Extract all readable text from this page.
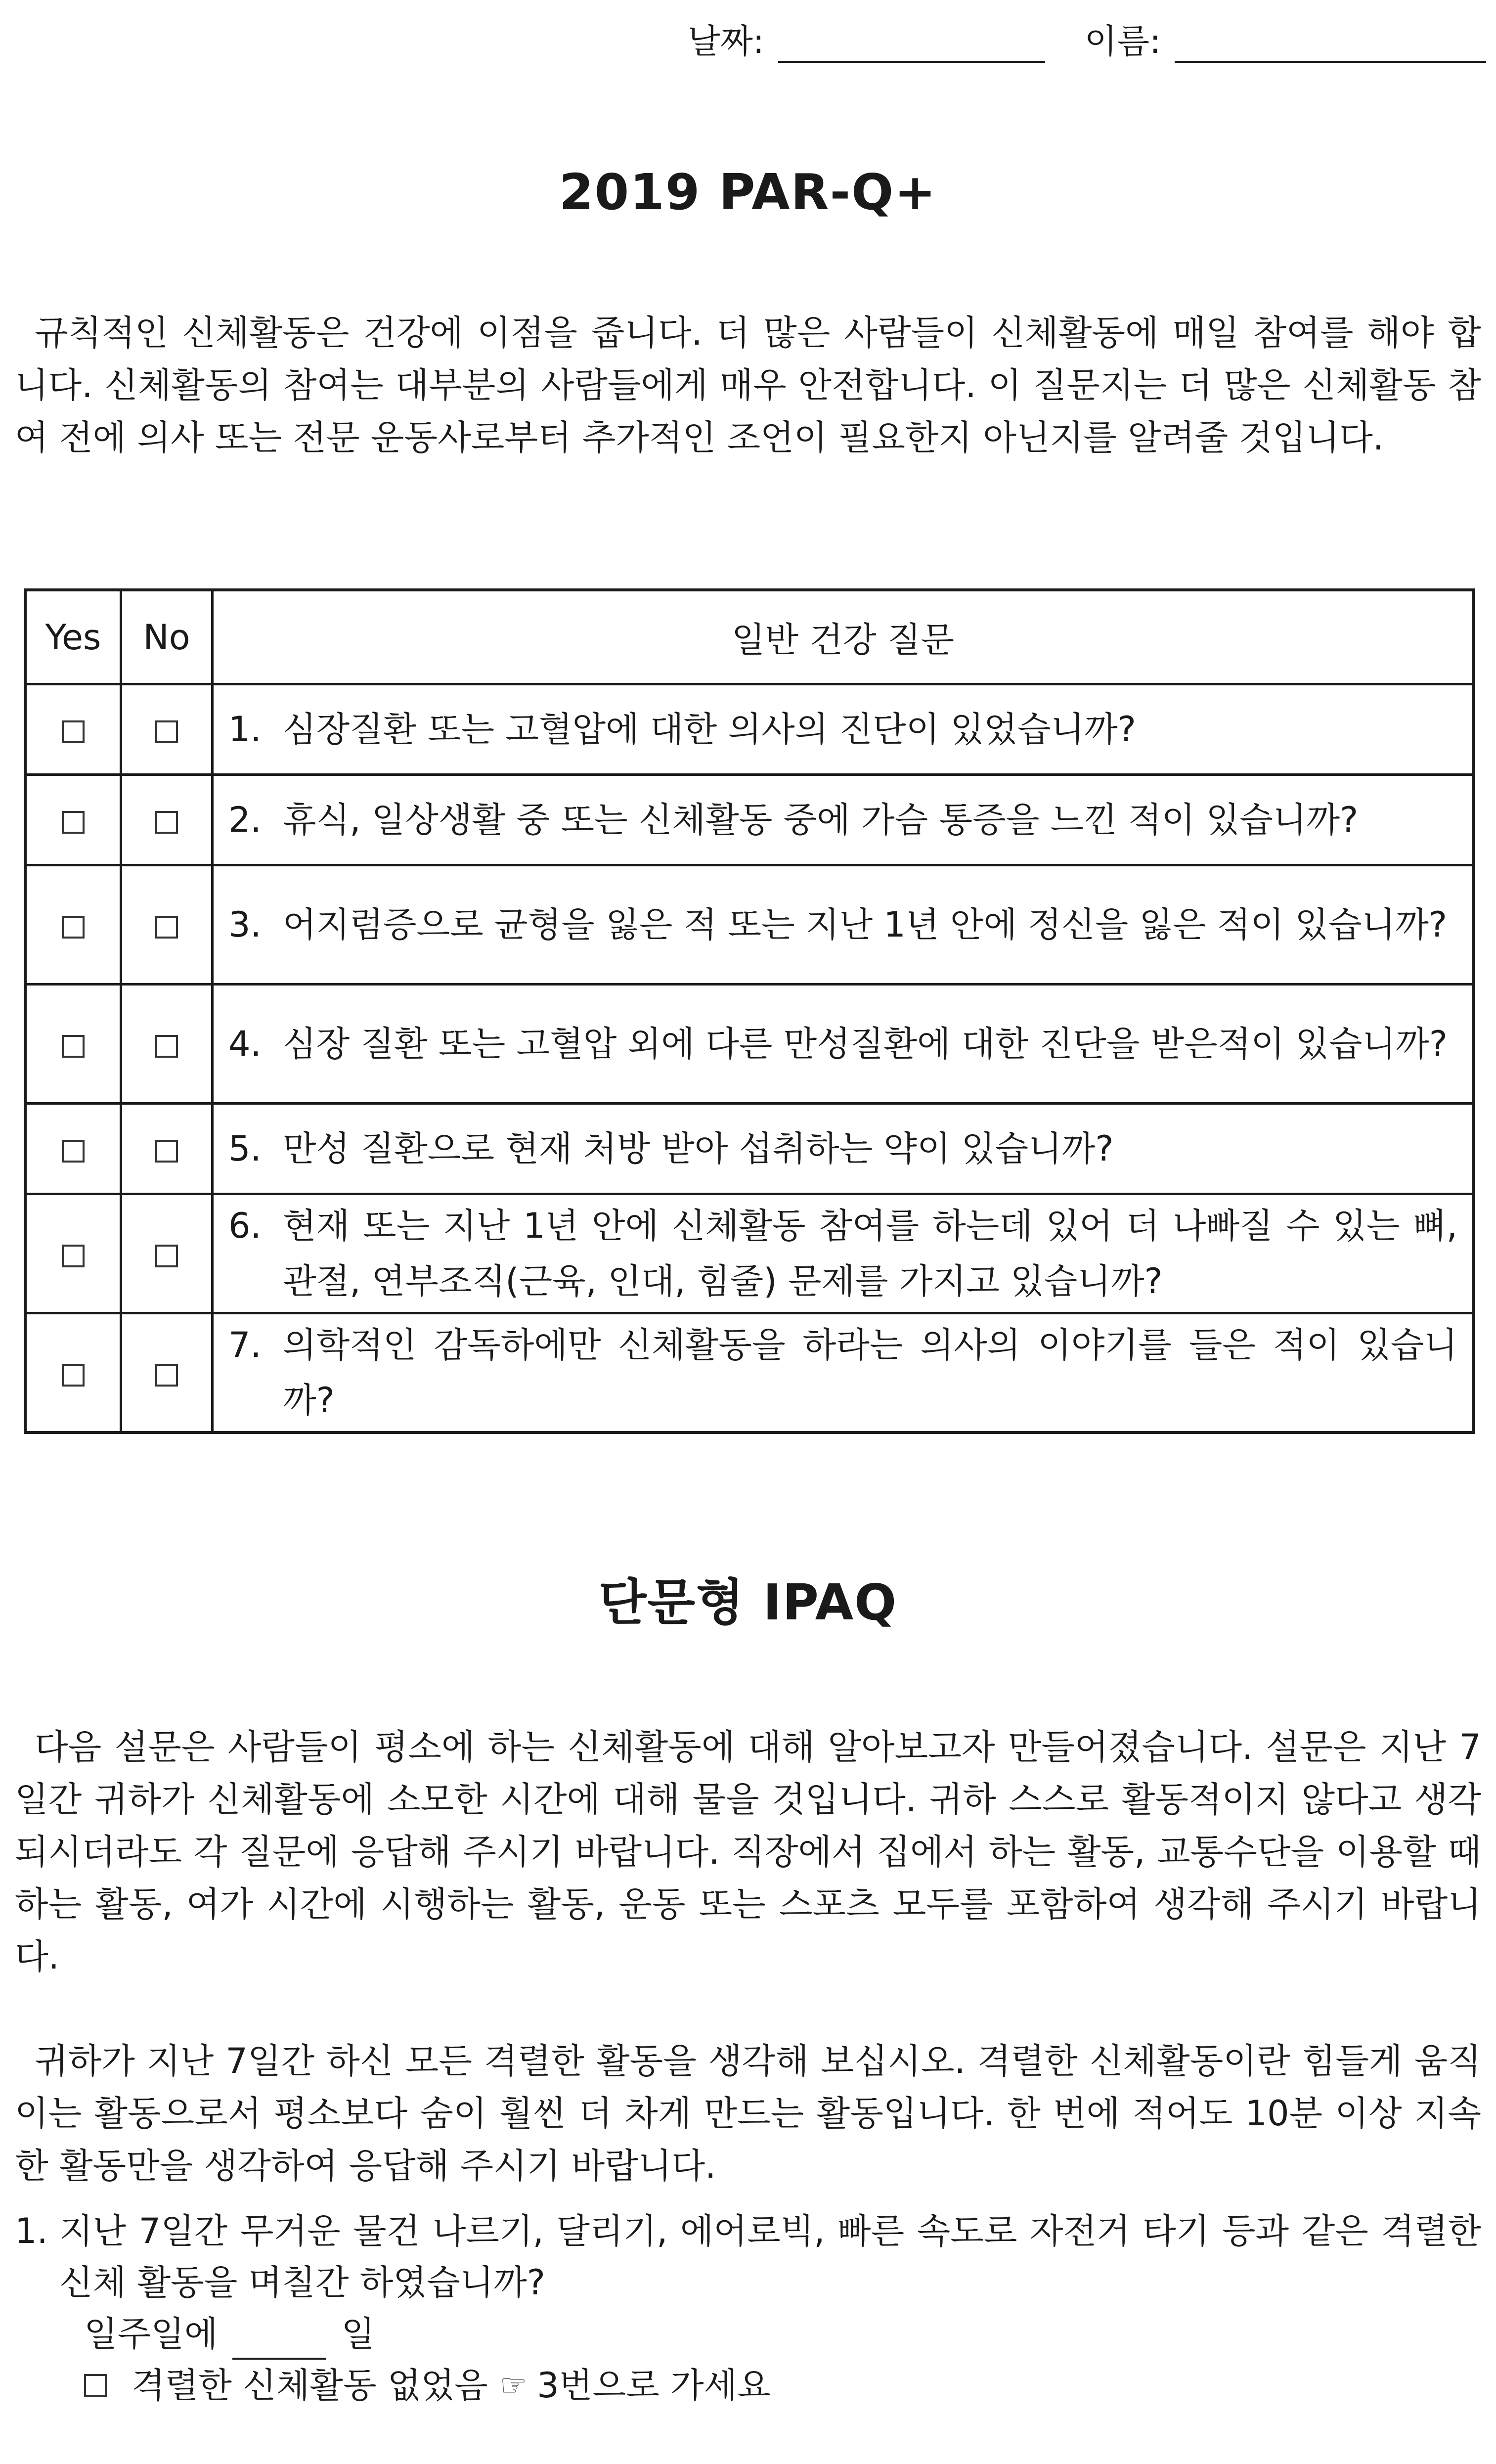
날짜:	이름:
2019 PAR-Q+

규칙적인 신체활동은 건강에 이점을 줍니다. 더 많은 사람들이 신체활동에 매일 참여를 해야 합니다. 신체활동의 참여는 대부분의 사람들에게 매우 안전합니다. 이 질문지는 더 많은 신체활동 참여 전에 의사 또는 전문 운동사로부터 추가적인 조언이 필요한지 아닌지를 알려줄 것입니다.

Yes	No	일반 건강 질문

		1. 심장질환 또는 고혈압에 대한 의사의 진단이 있었습니까?

		2. 휴식, 일상생활 중 또는 신체활동 중에 가슴 통증을 느낀 적이 있습니까?

		3. 어지럼증으로 균형을 잃은 적 또는 지난 1년 안에 정신을 잃은 적이 있습니까?

		4. 심장 질환 또는 고혈압 외에 다른 만성질환에 대한 진단을 받은적이 있습니까?

		5. 만성 질환으로 현재 처방 받아 섭취하는 약이 있습니까?

		6. 현재 또는 지난 1년 안에 신체활동 참여를 하는데 있어 더 나빠질 수 있는 뼈, 관절, 연부조직(근육, 인대, 힘줄) 문제를 가지고 있습니까?

		7. 의학적인 감독하에만 신체활동을 하라는 의사의 이야기를 들은 적이 있습니까?
단문형 IPAQ

다음 설문은 사람들이 평소에 하는 신체활동에 대해 알아보고자 만들어졌습니다. 설문은 지난 7일간 귀하가 신체활동에 소모한 시간에 대해 물을 것입니다. 귀하 스스로 활동적이지 않다고 생각되시더라도 각 질문에 응답해 주시기 바랍니다. 직장에서 집에서 하는 활동, 교통수단을 이용할 때 하는 활동, 여가 시간에 시행하는 활동, 운동 또는 스포츠 모두를 포함하여 생각해 주시기 바랍니다.

귀하가 지난 7일간 하신 모든 격렬한 활동을 생각해 보십시오. 격렬한 신체활동이란 힘들게 움직이는 활동으로서 평소보다 숨이 훨씬 더 차게 만드는 활동입니다. 한 번에 적어도 10분 이상 지속한 활동만을 생각하여 응답해 주시기 바랍니다.

1. 지난 7일간 무거운 물건 나르기, 달리기, 에어로빅, 빠른 속도로 자전거 타기 등과 같은 격렬한 신체 활동을 며칠간 하였습니까?
일주일에	일
격렬한 신체활동 없었음 ☞ 3번으로 가세요
